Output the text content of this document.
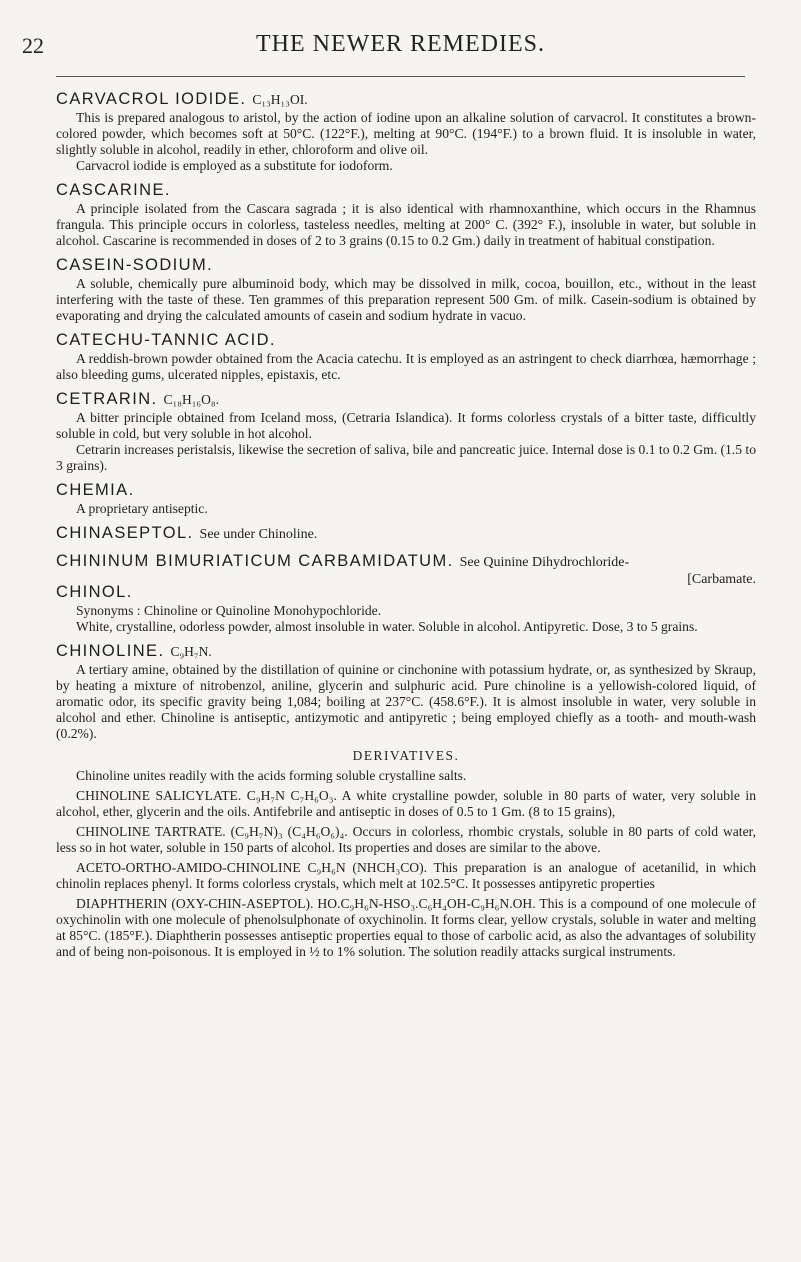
22	THE NEWER REMEDIES.
CARVACROL IODIDE. C₁₃H₁₃OI.

This is prepared analogous to aristol, by the action of iodine upon an alkaline solution of carvacrol. It constitutes a brown-colored powder, which becomes soft at 50°C. (122°F.), melting at 90°C. (194°F.) to a brown fluid. It is insoluble in water, slightly soluble in alcohol, readily in ether, chloroform and olive oil.

Carvacrol iodide is employed as a substitute for iodoform.

CASCARINE.

A principle isolated from the Cascara sagrada ; it is also identical with rhamnoxanthine, which occurs in the Rhamnus frangula. This principle occurs in colorless, tasteless needles, melting at 200° C. (392° F.), insoluble in water, but soluble in alcohol. Cascarine is recommended in doses of 2 to 3 grains (0.15 to 0.2 Gm.) daily in treatment of habitual constipation.

CASEIN-SODIUM.

A soluble, chemically pure albuminoid body, which may be dissolved in milk, cocoa, bouillon, etc., without in the least interfering with the taste of these. Ten grammes of this preparation represent 500 Gm. of milk. Casein-sodium is obtained by evaporating and drying the calculated amounts of casein and sodium hydrate in vacuo.

CATECHU-TANNIC ACID.

A reddish-brown powder obtained from the Acacia catechu. It is employed as an astringent to check diarrhœa, hæmorrhage ; also bleeding gums, ulcerated nipples, epistaxis, etc.

CETRARIN. C₁₈H₁₆O₈.

A bitter principle obtained from Iceland moss, (Cetraria Islandica). It forms colorless crystals of a bitter taste, difficultly soluble in cold, but very soluble in hot alcohol.

Cetrarin increases peristalsis, likewise the secretion of saliva, bile and pancreatic juice. Internal dose is 0.1 to 0.2 Gm. (1.5 to 3 grains).

CHEMIA.

A proprietary antiseptic.

CHINASEPTOL. See under Chinoline.
CHININUM BIMURIATICUM CARBAMIDATUM. See Quinine Dihydrochloride-
[Carbamate.
CHINOL.

Synonyms : Chinoline or Quinoline Monohypochloride.

White, crystalline, odorless powder, almost insoluble in water. Soluble in alcohol. Antipyretic. Dose, 3 to 5 grains.

CHINOLINE. C₉H₇N.

A tertiary amine, obtained by the distillation of quinine or cinchonine with potassium hydrate, or, as synthesized by Skraup, by heating a mixture of nitrobenzol, aniline, glycerin and sulphuric acid. Pure chinoline is a yellowish-colored liquid, of aromatic odor, its specific gravity being 1,084; boiling at 237°C. (458.6°F.). It is almost insoluble in water, very soluble in alcohol and ether. Chinoline is antiseptic, antizymotic and antipyretic ; being employed chiefly as a tooth- and mouth-wash (0.2%).

DERIVATIVES.

Chinoline unites readily with the acids forming soluble crystalline salts.

CHINOLINE SALICYLATE. C₉H₇N C₇H₆O₃. A white crystalline powder, soluble in 80 parts of water, very soluble in alcohol, ether, glycerin and the oils. Antifebrile and antiseptic in doses of 0.5 to 1 Gm. (8 to 15 grains),

CHINOLINE TARTRATE. (C₉H₇N)₃ (C₄H₆O₆)₄. Occurs in colorless, rhombic crystals, soluble in 80 parts of cold water, less so in hot water, soluble in 150 parts of alcohol. Its properties and doses are similar to the above.

ACETO-ORTHO-AMIDO-CHINOLINE C₉H₆N (NHCH₃CO). This preparation is an analogue of acetanilid, in which chinolin replaces phenyl. It forms colorless crystals, which melt at 102.5°C. It possesses antipyretic properties

DIAPHTHERIN (OXY-CHIN-ASEPTOL). HO.C₉H₆N-HSO₃.C₆H₄OH-C₉H₆N.OH. This is a compound of one molecule of oxychinolin with one molecule of phenolsulphonate of oxychinolin. It forms clear, yellow crystals, soluble in water and melting at 85°C. (185°F.). Diaphtherin possesses antiseptic properties equal to those of carbolic acid, as also the advantages of solubility and of being non-poisonous. It is employed in ½ to 1% solution. The solution readily attacks surgical instruments.
